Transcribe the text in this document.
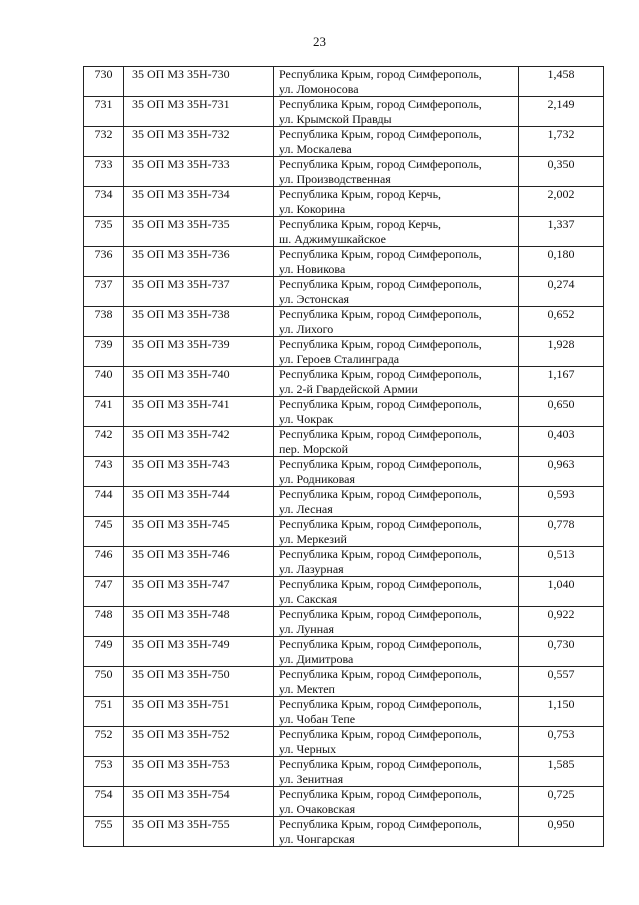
23
730	35 ОП МЗ 35Н-730	Республика Крым, город Симферополь,
ул. Ломоносова	1,458
731	35 ОП МЗ 35Н-731	Республика Крым, город Симферополь,
ул. Крымской Правды	2,149
732	35 ОП МЗ 35Н-732	Республика Крым, город Симферополь,
ул. Москалева	1,732
733	35 ОП МЗ 35Н-733	Республика Крым, город Симферополь,
ул. Производственная	0,350
734	35 ОП МЗ 35Н-734	Республика Крым, город Керчь,
ул. Кокорина	2,002
735	35 ОП МЗ 35Н-735	Республика Крым, город Керчь,
ш. Аджимушкайское	1,337
736	35 ОП МЗ 35Н-736	Республика Крым, город Симферополь,
ул. Новикова	0,180
737	35 ОП МЗ 35Н-737	Республика Крым, город Симферополь,
ул. Эстонская	0,274
738	35 ОП МЗ 35Н-738	Республика Крым, город Симферополь,
ул. Лихого	0,652
739	35 ОП МЗ 35Н-739	Республика Крым, город Симферополь,
ул. Героев Сталинграда	1,928
740	35 ОП МЗ 35Н-740	Республика Крым, город Симферополь,
ул. 2-й Гвардейской Армии	1,167
741	35 ОП МЗ 35Н-741	Республика Крым, город Симферополь,
ул. Чокрак	0,650
742	35 ОП МЗ 35Н-742	Республика Крым, город Симферополь,
пер. Морской	0,403
743	35 ОП МЗ 35Н-743	Республика Крым, город Симферополь,
ул. Родниковая	0,963
744	35 ОП МЗ 35Н-744	Республика Крым, город Симферополь,
ул. Лесная	0,593
745	35 ОП МЗ 35Н-745	Республика Крым, город Симферополь,
ул. Меркезий	0,778
746	35 ОП МЗ 35Н-746	Республика Крым, город Симферополь,
ул. Лазурная	0,513
747	35 ОП МЗ 35Н-747	Республика Крым, город Симферополь,
ул. Сакская	1,040
748	35 ОП МЗ 35Н-748	Республика Крым, город Симферополь,
ул. Лунная	0,922
749	35 ОП МЗ 35Н-749	Республика Крым, город Симферополь,
ул. Димитрова	0,730
750	35 ОП МЗ 35Н-750	Республика Крым, город Симферополь,
ул. Мектеп	0,557
751	35 ОП МЗ 35Н-751	Республика Крым, город Симферополь,
ул. Чобан Тепе	1,150
752	35 ОП МЗ 35Н-752	Республика Крым, город Симферополь,
ул. Черных	0,753
753	35 ОП МЗ 35Н-753	Республика Крым, город Симферополь,
ул. Зенитная	1,585
754	35 ОП МЗ 35Н-754	Республика Крым, город Симферополь,
ул. Очаковская	0,725
755	35 ОП МЗ 35Н-755	Республика Крым, город Симферополь,
ул. Чонгарская	0,950
